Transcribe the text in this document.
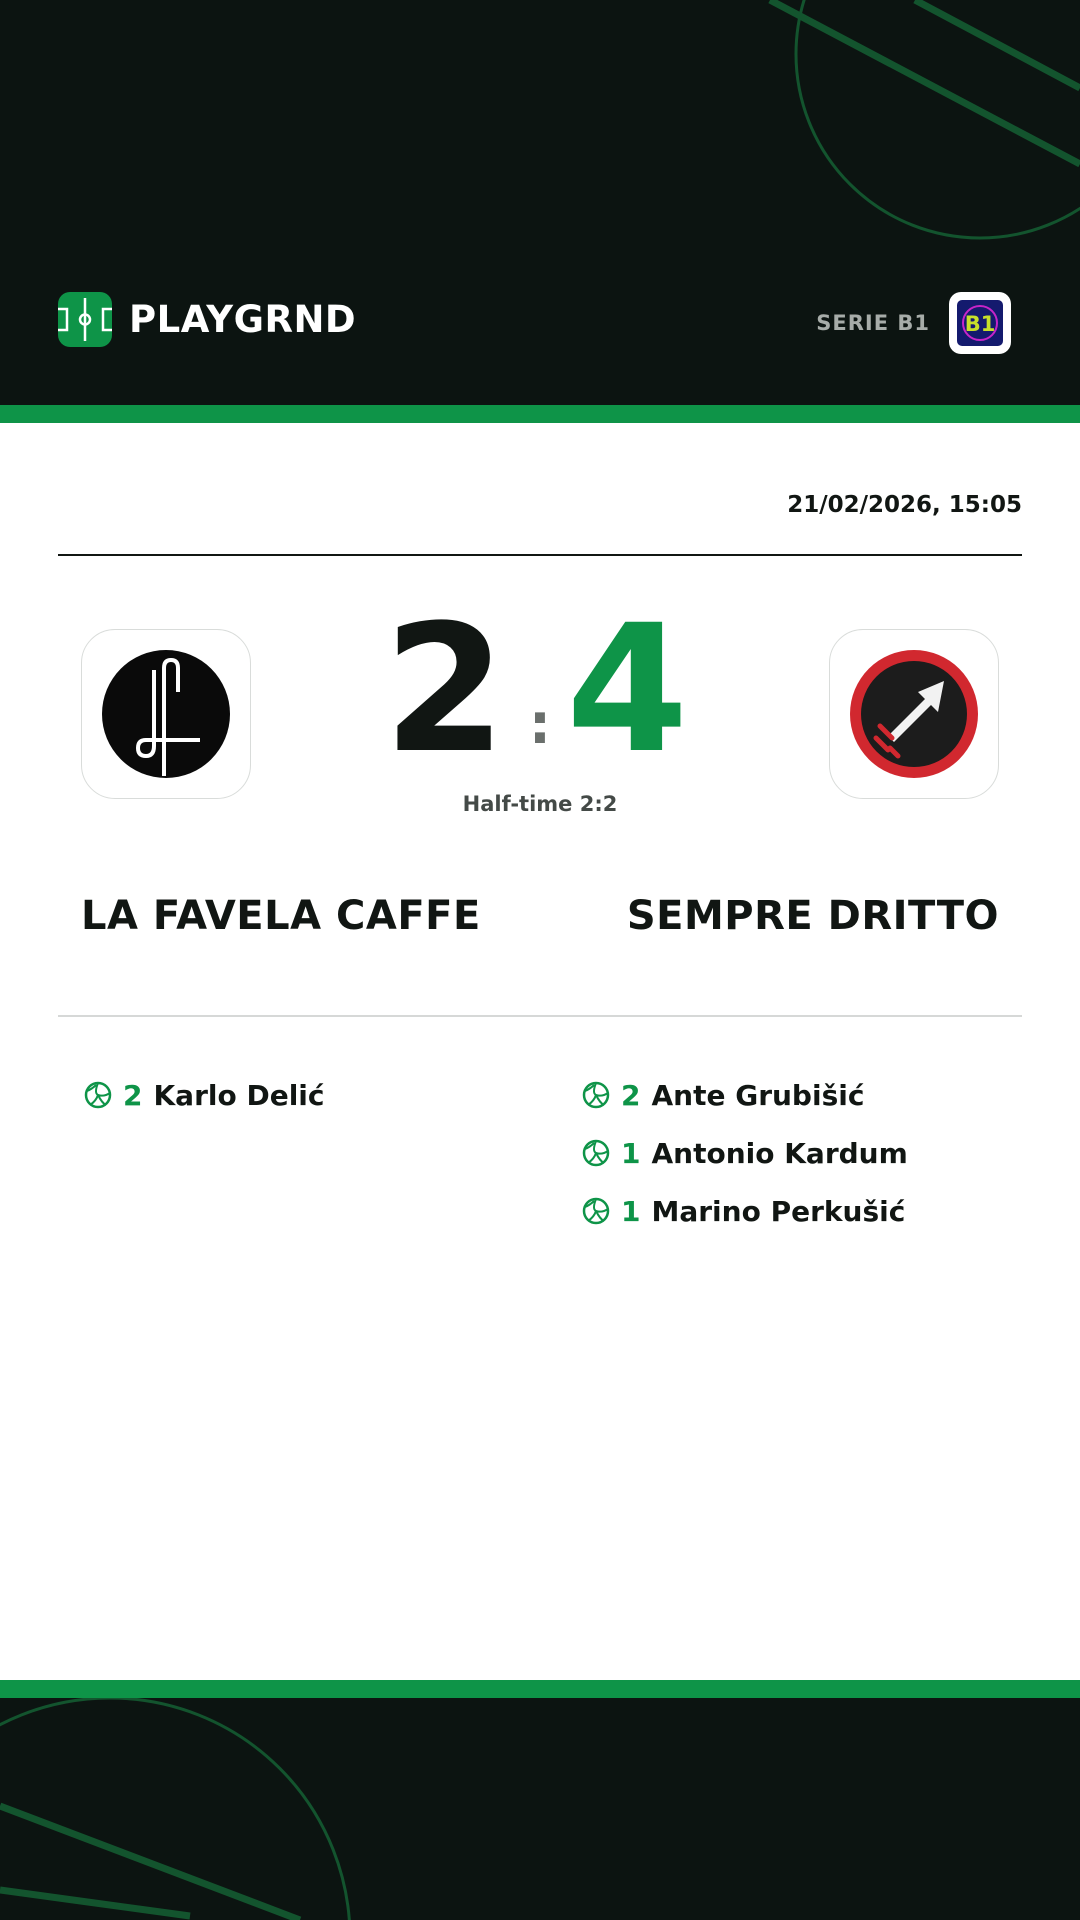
PLAYGRND	SERIE B1 B1
21/02/2026, 15:05
2 : 4
Half-time 2:2
LA FAVELA CAFFE	SEMPRE DRITTO
2 Karlo Delić	2 Ante Grubišić
1 Antonio Kardum
1 Marino Perkušić
